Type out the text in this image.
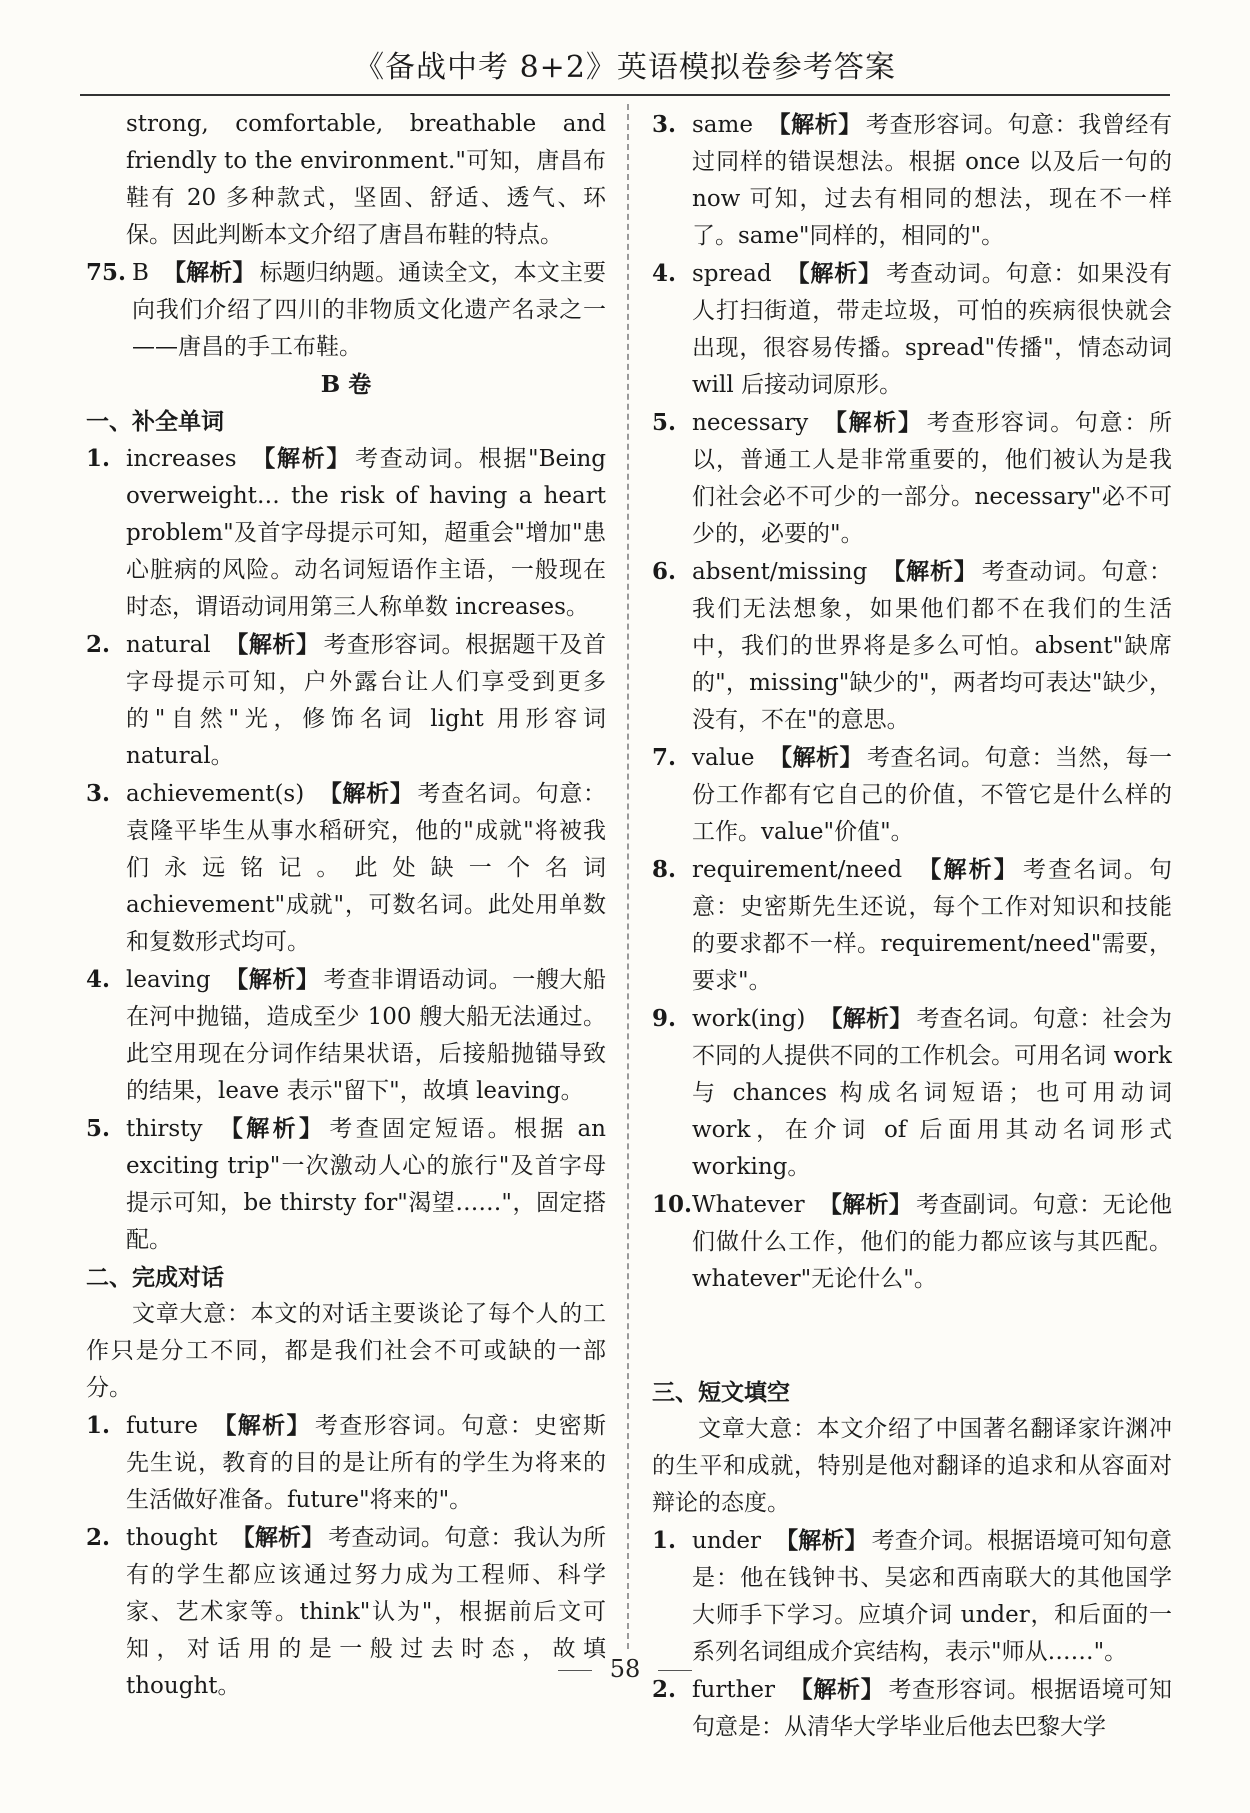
《备战中考 8+2》英语模拟卷参考答案

strong, comfortable, breathable and friendly to the environment."可知，唐昌布鞋有 20 多种款式，坚固、舒适、透气、环保。因此判断本文介绍了唐昌布鞋的特点。

75. B 【解析】 标题归纳题。通读全文，本文主要向我们介绍了四川的非物质文化遗产名录之一——唐昌的手工布鞋。

B 卷

一、补全单词

1. increases 【解析】 考查动词。根据"Being overweight… the risk of having a heart problem"及首字母提示可知，超重会"增加"患心脏病的风险。动名词短语作主语，一般现在时态，谓语动词用第三人称单数 increases。
2. natural 【解析】 考查形容词。根据题干及首字母提示可知，户外露台让人们享受到更多的"自然"光，修饰名词 light 用形容词 natural。
3. achievement(s) 【解析】 考查名词。句意：袁隆平毕生从事水稻研究，他的"成就"将被我们永远铭记。此处缺一个名词 achievement"成就"，可数名词。此处用单数和复数形式均可。
4. leaving 【解析】 考查非谓语动词。一艘大船在河中抛锚，造成至少 100 艘大船无法通过。此空用现在分词作结果状语，后接船抛锚导致的结果，leave 表示"留下"，故填 leaving。
5. thirsty 【解析】 考查固定短语。根据 an exciting trip"一次激动人心的旅行"及首字母提示可知，be thirsty for"渴望……"，固定搭配。

二、完成对话

文章大意：本文的对话主要谈论了每个人的工作只是分工不同，都是我们社会不可或缺的一部分。

1. future 【解析】 考查形容词。句意：史密斯先生说，教育的目的是让所有的学生为将来的生活做好准备。future"将来的"。
2. thought 【解析】 考查动词。句意：我认为所有的学生都应该通过努力成为工程师、科学家、艺术家等。think"认为"，根据前后文可知，对话用的是一般过去时态，故填 thought。
3. same 【解析】 考查形容词。句意：我曾经有过同样的错误想法。根据 once 以及后一句的 now 可知，过去有相同的想法，现在不一样了。same"同样的，相同的"。
4. spread 【解析】 考查动词。句意：如果没有人打扫街道，带走垃圾，可怕的疾病很快就会出现，很容易传播。spread"传播"，情态动词 will 后接动词原形。
5. necessary 【解析】 考查形容词。句意：所以，普通工人是非常重要的，他们被认为是我们社会必不可少的一部分。necessary"必不可少的，必要的"。
6. absent/missing 【解析】 考查动词。句意：我们无法想象，如果他们都不在我们的生活中，我们的世界将是多么可怕。absent"缺席的"，missing"缺少的"，两者均可表达"缺少，没有，不在"的意思。
7. value 【解析】 考查名词。句意：当然，每一份工作都有它自己的价值，不管它是什么样的工作。value"价值"。
8. requirement/need 【解析】 考查名词。句意：史密斯先生还说，每个工作对知识和技能的要求都不一样。requirement/need"需要，要求"。
9. work(ing) 【解析】 考查名词。句意：社会为不同的人提供不同的工作机会。可用名词 work 与 chances 构成名词短语；也可用动词 work，在介词 of 后面用其动名词形式 working。
10. Whatever 【解析】 考查副词。句意：无论他们做什么工作，他们的能力都应该与其匹配。whatever"无论什么"。

三、短文填空

文章大意：本文介绍了中国著名翻译家许渊冲的生平和成就，特别是他对翻译的追求和从容面对辩论的态度。

1. under 【解析】 考查介词。根据语境可知句意是：他在钱钟书、吴宓和西南联大的其他国学大师手下学习。应填介词 under，和后面的一系列名词组成介宾结构，表示"师从……"。
2. further 【解析】 考查形容词。根据语境可知句意是：从清华大学毕业后他去巴黎大学
58
